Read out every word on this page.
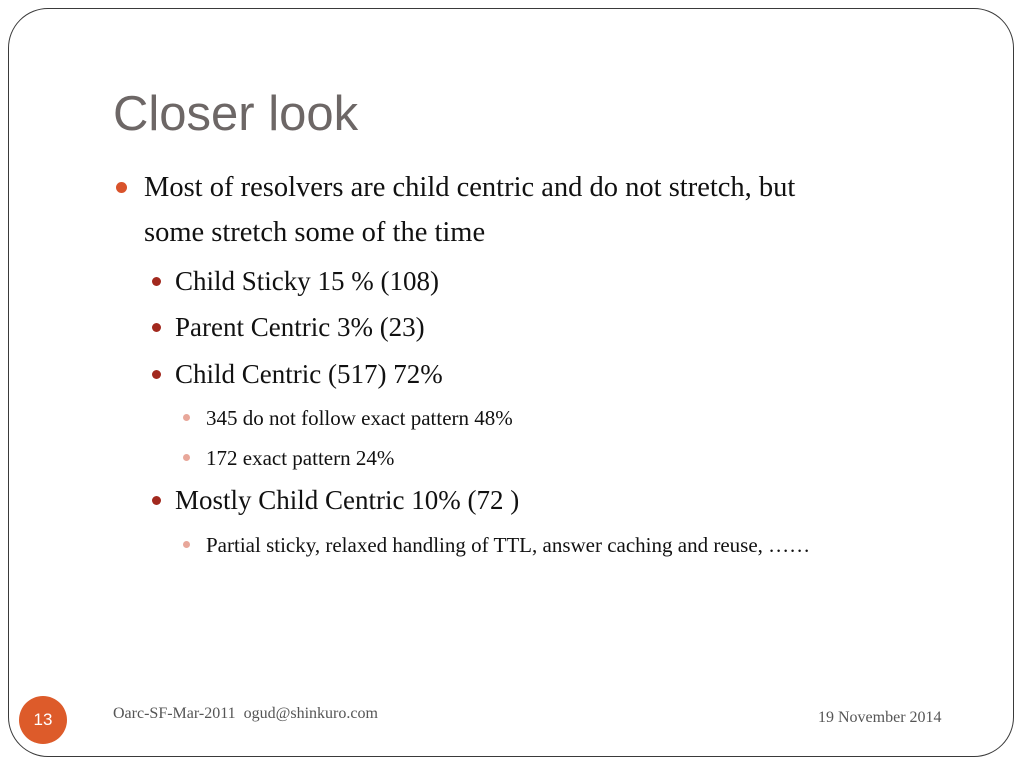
Closer look
Most of resolvers are child centric and do not stretch, but
some stretch some of the time
Child Sticky 15 % (108)
Parent Centric 3% (23)
Child Centric (517) 72%
345 do not follow exact pattern 48%
172 exact pattern 24%
Mostly Child Centric 10% (72 )
Partial sticky, relaxed handling of TTL, answer caching and reuse, ……
13	Oarc-SF-Mar-2011  ogud@shinkuro.com	19 November 2014
